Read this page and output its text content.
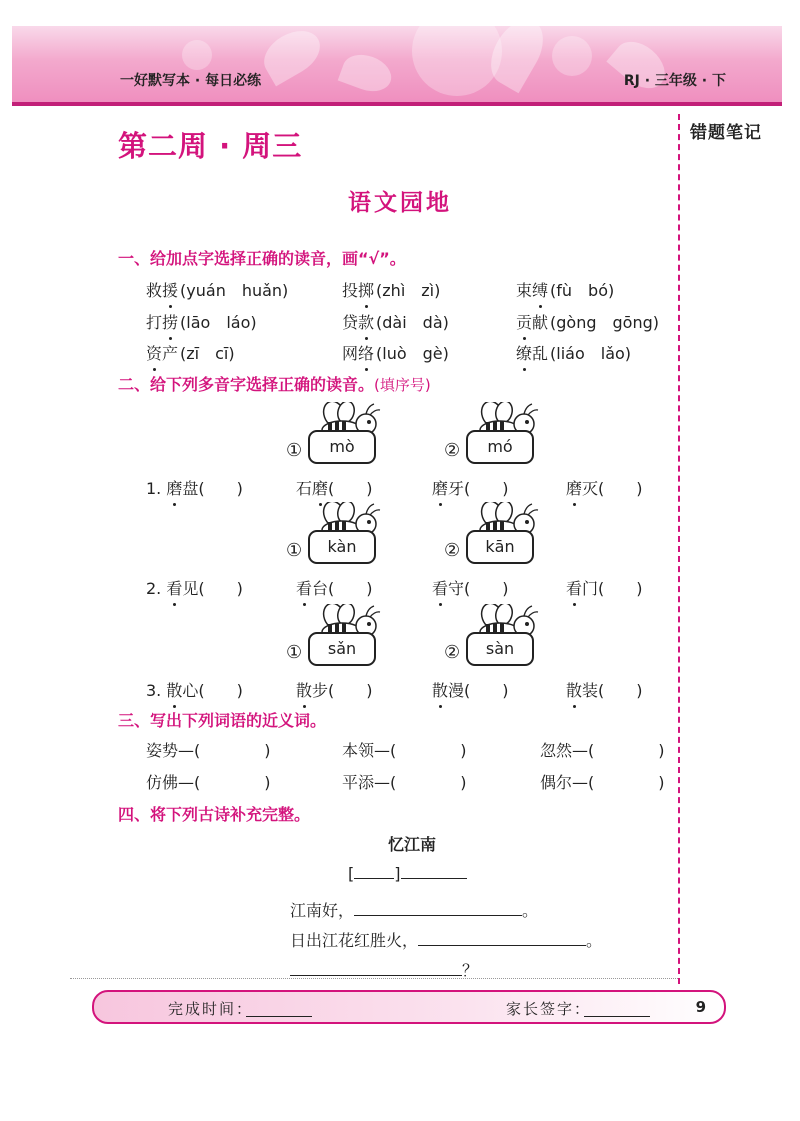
一好默写本 · 每日必练	RJ · 三年级 · 下
错题笔记
第二周 · 周三
语文园地
一、给加点字选择正确的读音，画“√”。
救援 (yuán　huǎn)	投掷 (zhì　zì)	束缚 (fù　bó)
打捞 (lāo　láo)	贷款 (dài　dà)	贡献 (gòng　gōng)
资产 (zī　cī)	网络 (luò　gè)	缭乱 (liáo　lǎo)
二、给下列多音字选择正确的读音。(填序号)
①	mò	②	mó
1. 磨盘(　　)	石磨(　　)	磨牙(　　)	磨灭(　　)
①	kàn	②	kān
2. 看见(　　)	看台(　　)	看守(　　)	看门(　　)
①	sǎn	②	sàn
3. 散心(　　)	散步(　　)	散漫(　　)	散装(　　)
三、写出下列词语的近义词。
姿势—(　　　　)	本领—(　　　　)	忽然—(　　　　)
仿佛—(　　　　)	平添—(　　　　)	偶尔—(　　　　)
四、将下列古诗补充完整。
忆江南
[	]
江南好，	。
日出江花红胜火，	。
？
完成时间：	家长签字：	9
